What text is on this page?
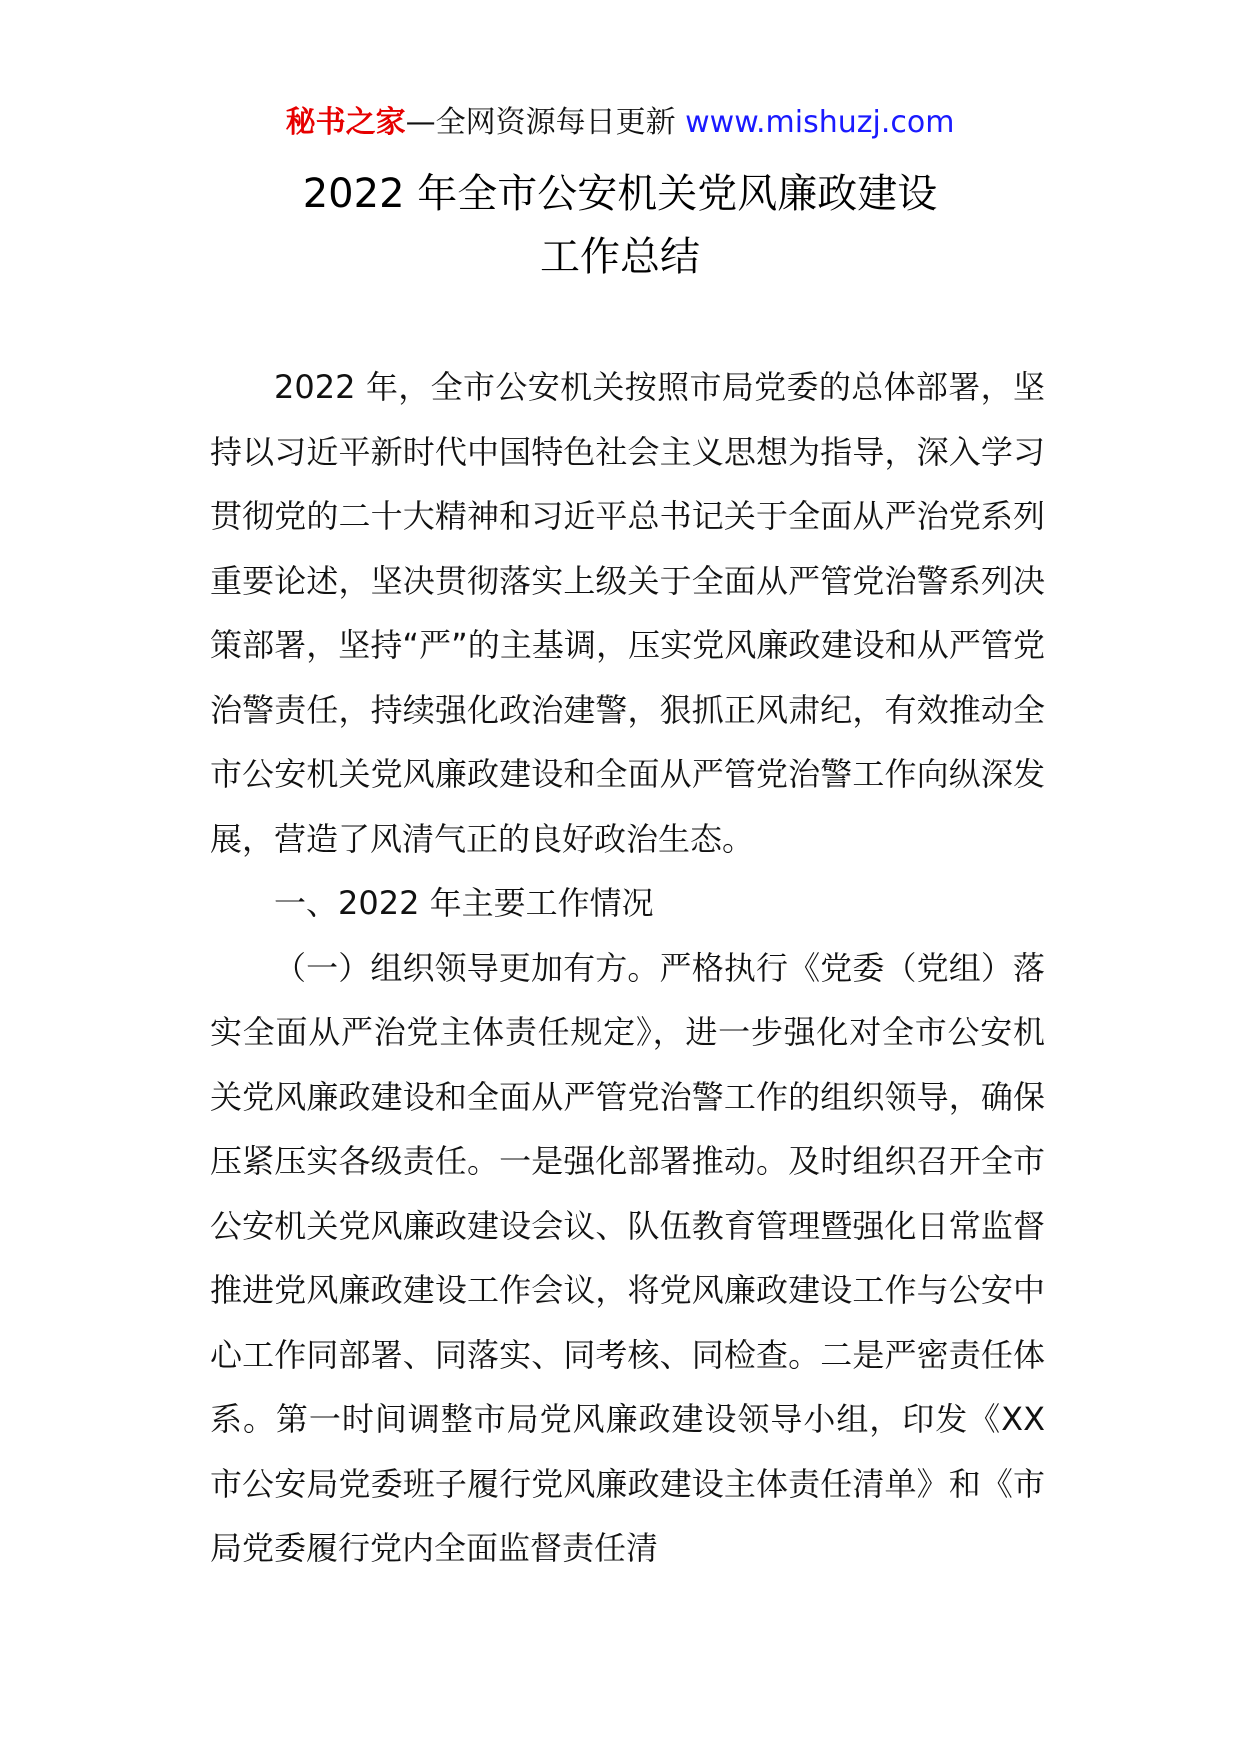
秘书之家—全网资源每日更新 www.mishuzj.com
2022 年全市公安机关党风廉政建设
工作总结

2022 年，全市公安机关按照市局党委的总体部署，坚持以习近平新时代中国特色社会主义思想为指导，深入学习贯彻党的二十大精神和习近平总书记关于全面从严治党系列重要论述，坚决贯彻落实上级关于全面从严管党治警系列决策部署，坚持“严”的主基调，压实党风廉政建设和从严管党治警责任，持续强化政治建警，狠抓正风肃纪，有效推动全市公安机关党风廉政建设和全面从严管党治警工作向纵深发展，营造了风清气正的良好政治生态。

一、2022 年主要工作情况

（一）组织领导更加有方。严格执行《党委（党组）落实全面从严治党主体责任规定》，进一步强化对全市公安机关党风廉政建设和全面从严管党治警工作的组织领导，确保压紧压实各级责任。一是强化部署推动。及时组织召开全市公安机关党风廉政建设会议、队伍教育管理暨强化日常监督推进党风廉政建设工作会议，将党风廉政建设工作与公安中心工作同部署、同落实、同考核、同检查。二是严密责任体系。第一时间调整市局党风廉政建设领导小组，印发《XX 市公安局党委班子履行党风廉政建设主体责任清单》和《市局党委履行党内全面监督责任清
